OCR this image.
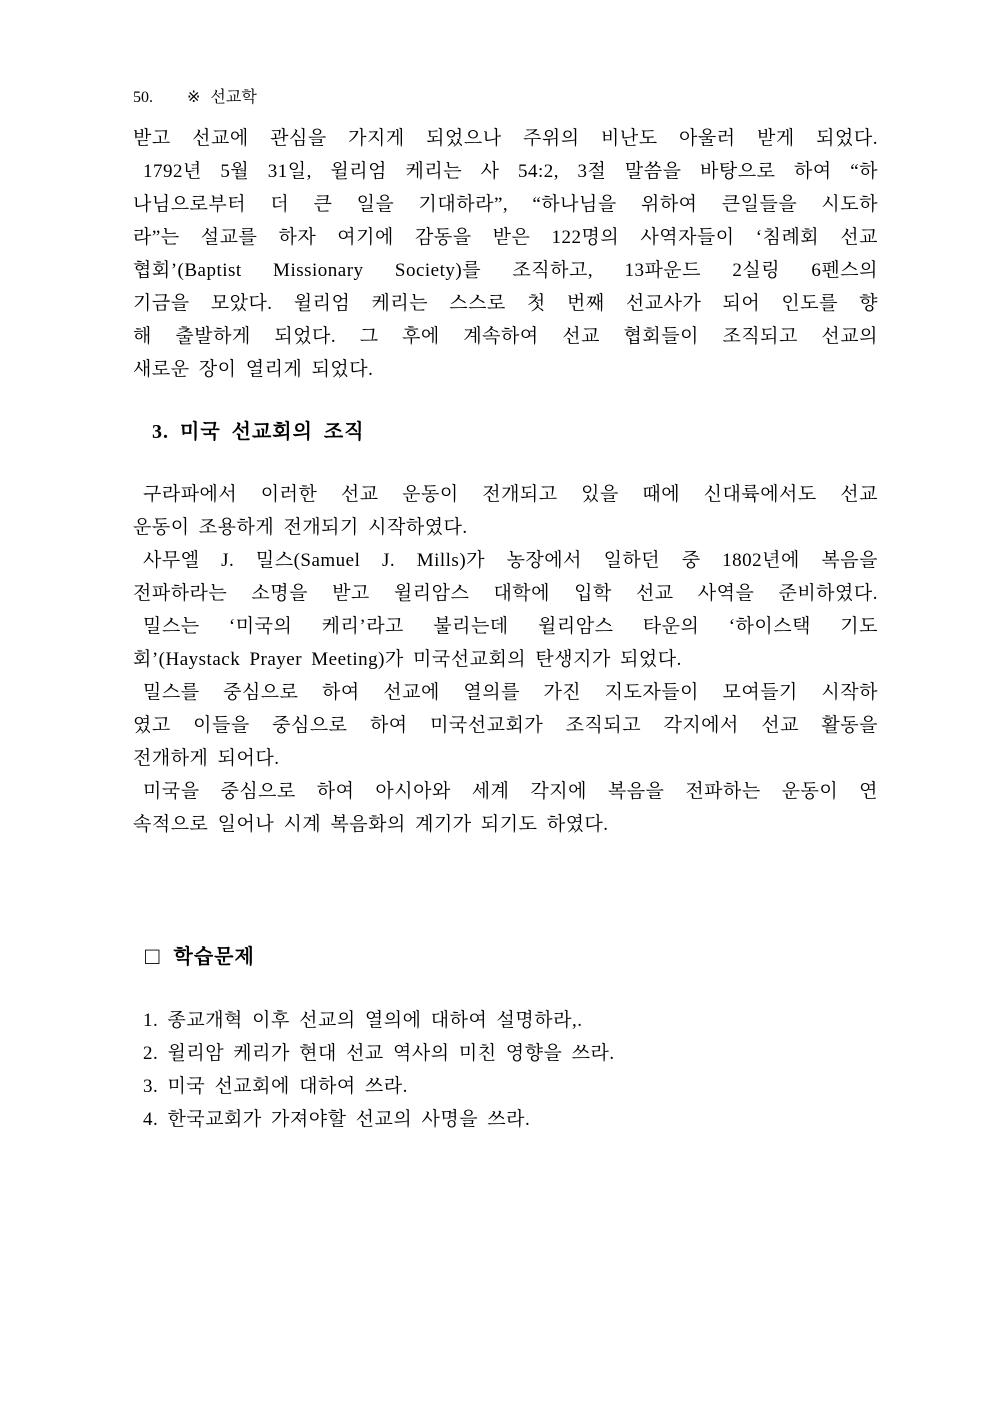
50. ※ 선교학
받고 선교에 관심을 가지게 되었으나 주위의 비난도 아울러 받게 되었다.
1792년 5월 31일, 윌리엄 케리는 사 54:2, 3절 말씀을 바탕으로 하여 “하
나님으로부터 더 큰 일을 기대하라”, “하나님을 위하여 큰일들을 시도하
라”는 설교를 하자 여기에 감동을 받은 122명의 사역자들이 ‘침례회 선교
협회’(Baptist Missionary Society)를 조직하고, 13파운드 2실링 6펜스의
기금을 모았다. 윌리엄 케리는 스스로 첫 번째 선교사가 되어 인도를 향
해 출발하게 되었다. 그 후에 계속하여 선교 협회들이 조직되고 선교의
새로운 장이 열리게 되었다.
3. 미국 선교회의 조직
구라파에서 이러한 선교 운동이 전개되고 있을 때에 신대륙에서도 선교
운동이 조용하게 전개되기 시작하였다.
사무엘 J. 밀스(Samuel J. Mills)가 농장에서 일하던 중 1802년에 복음을
전파하라는 소명을 받고 윌리암스 대학에 입학 선교 사역을 준비하였다.
밀스는 ‘미국의 케리’라고 불리는데 윌리암스 타운의 ‘하이스택 기도
회’(Haystack Prayer Meeting)가 미국선교회의 탄생지가 되었다.
밀스를 중심으로 하여 선교에 열의를 가진 지도자들이 모여들기 시작하
였고 이들을 중심으로 하여 미국선교회가 조직되고 각지에서 선교 활동을
전개하게 되어다.
미국을 중심으로 하여 아시아와 세계 각지에 복음을 전파하는 운동이 연
속적으로 일어나 시계 복음화의 계기가 되기도 하였다.
□ 학습문제
1. 종교개혁 이후 선교의 열의에 대하여 설명하라,.
2. 윌리암 케리가 현대 선교 역사의 미친 영향을 쓰라.
3. 미국 선교회에 대하여 쓰라.
4. 한국교회가 가져야할 선교의 사명을 쓰라.
